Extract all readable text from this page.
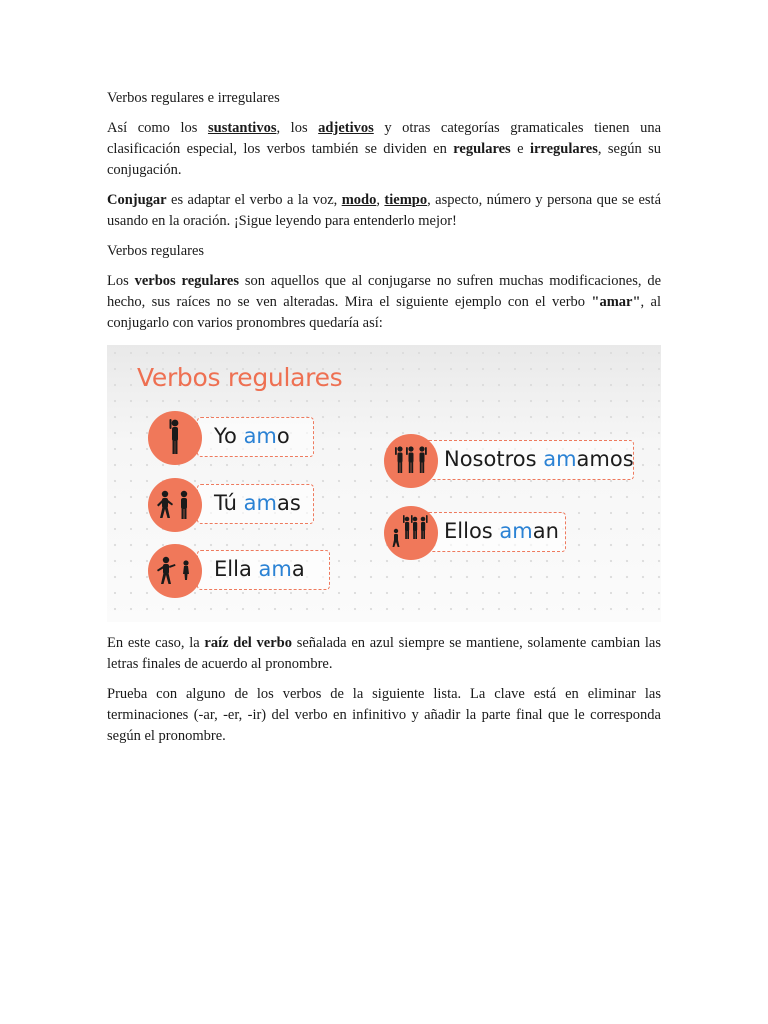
Verbos regulares e irregulares

Así como los sustantivos, los adjetivos y otras categorías gramaticales tienen una clasificación especial, los verbos también se dividen en regulares e irregulares, según su conjugación.

Conjugar es adaptar el verbo a la voz, modo, tiempo, aspecto, número y persona que se está usando en la oración. ¡Sigue leyendo para entenderlo mejor!

Verbos regulares

Los verbos regulares son aquellos que al conjugarse no sufren muchas modificaciones, de hecho, sus raíces no se ven alteradas. Mira el siguiente ejemplo con el verbo "amar", al conjugarlo con varios pronombres quedaría así:

Verbos regulares
Yo amo
Tú amas
Ella ama
Nosotros amamos
Ellos aman

En este caso, la raíz del verbo señalada en azul siempre se mantiene, solamente cambian las letras finales de acuerdo al pronombre.

Prueba con alguno de los verbos de la siguiente lista. La clave está en eliminar las terminaciones (-ar, -er, -ir) del verbo en infinitivo y añadir la parte final que le corresponda según el pronombre.
